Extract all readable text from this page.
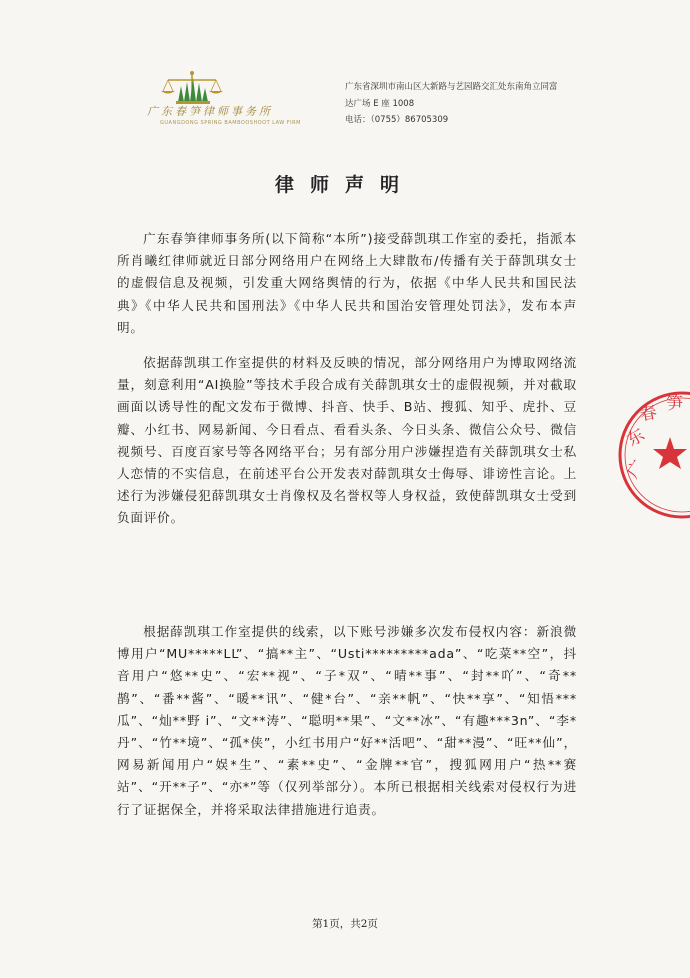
广东春笋律师事务所
GUANGDONG SPRING BAMBOOSHOOT LAW FIRM
广东省深圳市南山区大新路与艺园路交汇处东南角立同富
达广场 E 座 1008
电话：（0755）86705309
律师声明
广东春笋律师事务所(以下简称“本所”)接受薛凯琪工作室的委托，指派本所肖曦红律师就近日部分网络用户在网络上大肆散布/传播有关于薛凯琪女士的虚假信息及视频，引发重大网络舆情的行为，依据《中华人民共和国民法典》《中华人民共和国刑法》《中华人民共和国治安管理处罚法》，发布本声明。
依据薛凯琪工作室提供的材料及反映的情况，部分网络用户为博取网络流量，刻意利用“AI换脸”等技术手段合成有关薛凯琪女士的虚假视频，并对截取画面以诱导性的配文发布于微博、抖音、快手、B站、搜狐、知乎、虎扑、豆瓣、小红书、网易新闻、今日看点、看看头条、今日头条、微信公众号、微信视频号、百度百家号等各网络平台；另有部分用户涉嫌捏造有关薛凯琪女士私人恋情的不实信息，在前述平台公开发表对薛凯琪女士侮辱、诽谤性言论。上述行为涉嫌侵犯薛凯琪女士肖像权及名誉权等人身权益，致使薛凯琪女士受到负面评价。
根据薛凯琪工作室提供的线索，以下账号涉嫌多次发布侵权内容：新浪微博用户“MU*****LL”、“搞**主”、“Usti*********ada”、“吃菜**空”，抖音用户“悠**史”、“宏**视”、“子*双”、“晴**事”、“封**吖”、“奇**鹊”、“番**酱”、“暖**讯”、“健*台”、“亲**帆”、“快**享”、“知悟***瓜”、“灿**野 i”、“文**涛”、“聪明**果”、“文**冰”、“有趣***3n”、“李*丹”、“竹**境”、“孤*侠”，小红书用户“好**活吧”、“甜**漫”、“旺**仙”，网易新闻用户“娱*生”、“素**史”、“金牌**官”，搜狐网用户“热**赛站”、“开**子”、“亦*”等（仅列举部分）。本所已根据相关线索对侵权行为进行了证据保全，并将采取法律措施进行追责。
广
东
春 笋
第1页，共2页
